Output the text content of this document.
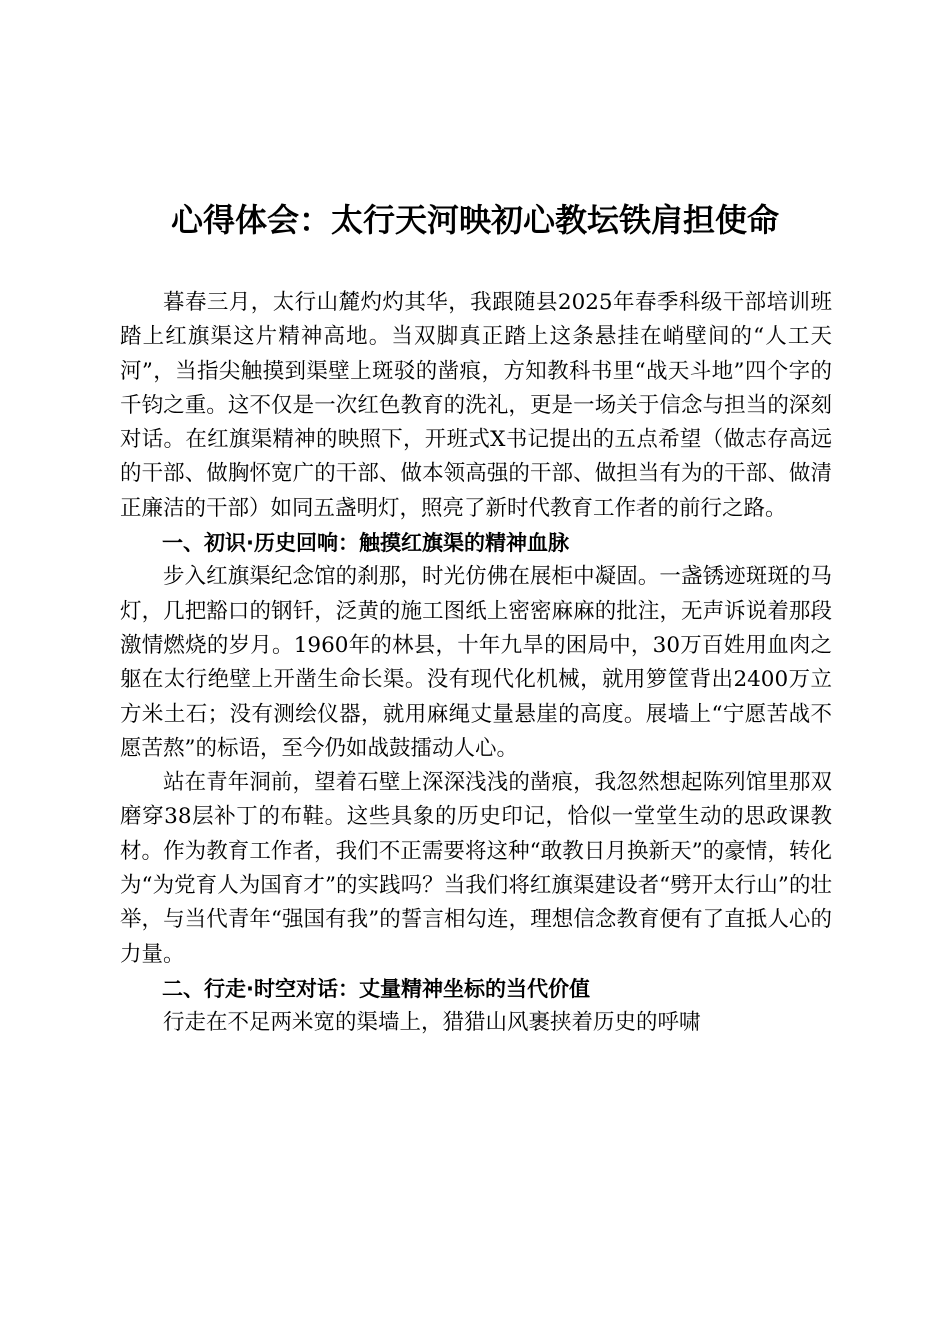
心得体会：太行天河映初心教坛铁肩担使命

暮春三月，太行山麓灼灼其华，我跟随县2025年春季科级干部培训班踏上红旗渠这片精神高地。当双脚真正踏上这条悬挂在峭壁间的“人工天河”，当指尖触摸到渠壁上斑驳的凿痕，方知教科书里“战天斗地”四个字的千钧之重。这不仅是一次红色教育的洗礼，更是一场关于信念与担当的深刻对话。在红旗渠精神的映照下，开班式X书记提出的五点希望（做志存高远的干部、做胸怀宽广的干部、做本领高强的干部、做担当有为的干部、做清正廉洁的干部）如同五盏明灯，照亮了新时代教育工作者的前行之路。

一、初识·历史回响：触摸红旗渠的精神血脉

步入红旗渠纪念馆的刹那，时光仿佛在展柜中凝固。一盏锈迹斑斑的马灯，几把豁口的钢钎，泛黄的施工图纸上密密麻麻的批注，无声诉说着那段激情燃烧的岁月。1960年的林县，十年九旱的困局中，30万百姓用血肉之躯在太行绝壁上开凿生命长渠。没有现代化机械，就用箩筐背出2400万立方米土石；没有测绘仪器，就用麻绳丈量悬崖的高度。展墙上“宁愿苦战不愿苦熬”的标语，至今仍如战鼓擂动人心。

站在青年洞前，望着石壁上深深浅浅的凿痕，我忽然想起陈列馆里那双磨穿38层补丁的布鞋。这些具象的历史印记，恰似一堂堂生动的思政课教材。作为教育工作者，我们不正需要将这种“敢教日月换新天”的豪情，转化为“为党育人为国育才”的实践吗？当我们将红旗渠建设者“劈开太行山”的壮举，与当代青年“强国有我”的誓言相勾连，理想信念教育便有了直抵人心的力量。

二、行走·时空对话：丈量精神坐标的当代价值

行走在不足两米宽的渠墙上，猎猎山风裹挟着历史的呼啸
